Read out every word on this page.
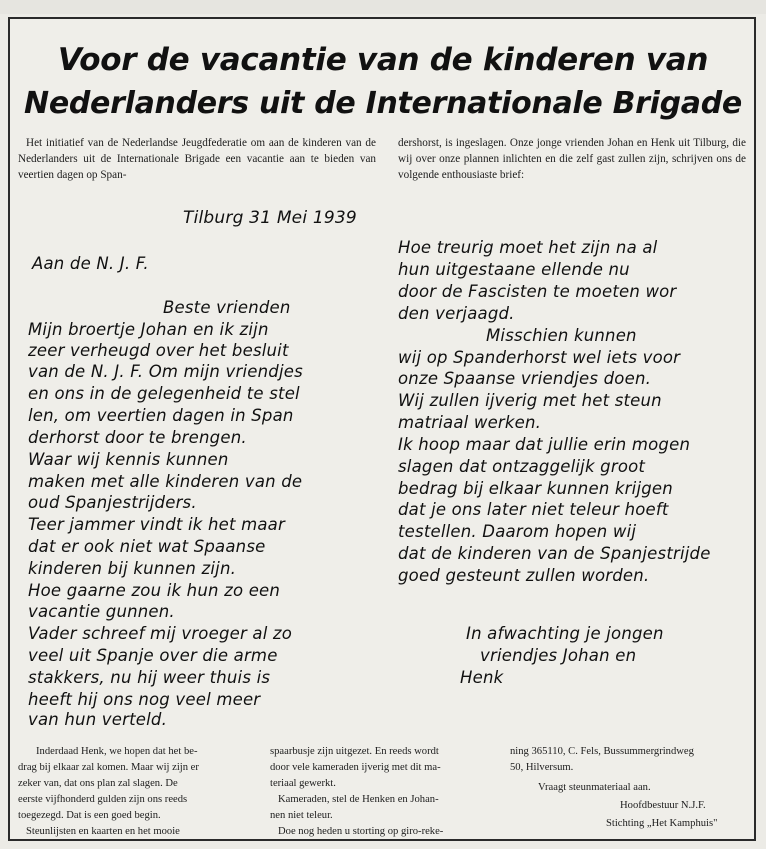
Voor de vacantie van de kinderen van
Nederlanders uit de Internationale Brigade

Het initiatief van de Nederlandse Jeugdfederatie om aan de kinderen van de Nederlanders uit de Internationale Brigade een vacantie aan te bieden van veertien dagen op Span-

dershorst, is ingeslagen. Onze jonge vrienden Johan en Henk uit Tilburg, die wij over onze plannen inlichten en die zelf gast zullen zijn, schrijven ons de volgende enthousiaste brief:

Tilburg 31 Mei 1939

Aan de N. J. F.

Beste vrienden

Mijn broertje Johan en ik zijn

zeer verheugd over het besluit

van de N. J. F. Om mijn vriendjes

en ons in de gelegenheid te stel

len, om veertien dagen in Span

derhorst door te brengen.

Waar wij kennis kunnen

maken met alle kinderen van de

oud Spanjestrijders.

Teer jammer vindt ik het maar

dat er ook niet wat Spaanse

kinderen bij kunnen zijn.

Hoe gaarne zou ik hun zo een

vacantie gunnen.

Vader schreef mij vroeger al zo

veel uit Spanje over die arme

stakkers, nu hij weer thuis is

heeft hij ons nog veel meer

van hun verteld.

Hoe treurig moet het zijn na al

hun uitgestaane ellende nu

door de Fascisten te moeten wor

den verjaagd.

Misschien kunnen

wij op Spanderhorst wel iets voor

onze Spaanse vriendjes doen.

Wij zullen ijverig met het steun

matriaal werken.

Ik hoop maar dat jullie erin mogen

slagen dat ontzaggelijk groot

bedrag bij elkaar kunnen krijgen

dat je ons later niet teleur hoeft

testellen. Daarom hopen wij

dat de kinderen van de Spanjestrijde

goed gesteunt zullen worden.

In afwachting je jongen

vriendjes Johan en

Henk

Inderdaad Henk, we hopen dat het be-
drag bij elkaar zal komen. Maar wij zijn er
zeker van, dat ons plan zal slagen. De
eerste vijfhonderd gulden zijn ons reeds
toegezegd. Dat is een goed begin.
Steunlijsten en kaarten en het mooie
spaarbusje zijn uitgezet. En reeds wordt
door vele kameraden ijverig met dit ma-
teriaal gewerkt.
Kameraden, stel de Henken en Johan-
nen niet teleur.
Doe nog heden u storting op giro-reke-
ning 365110, C. Fels, Bussummergrindweg
50, Hilversum.
Vraagt steunmateriaal aan.
Hoofdbestuur N.J.F.
Stichting „Het Kamphuis"
